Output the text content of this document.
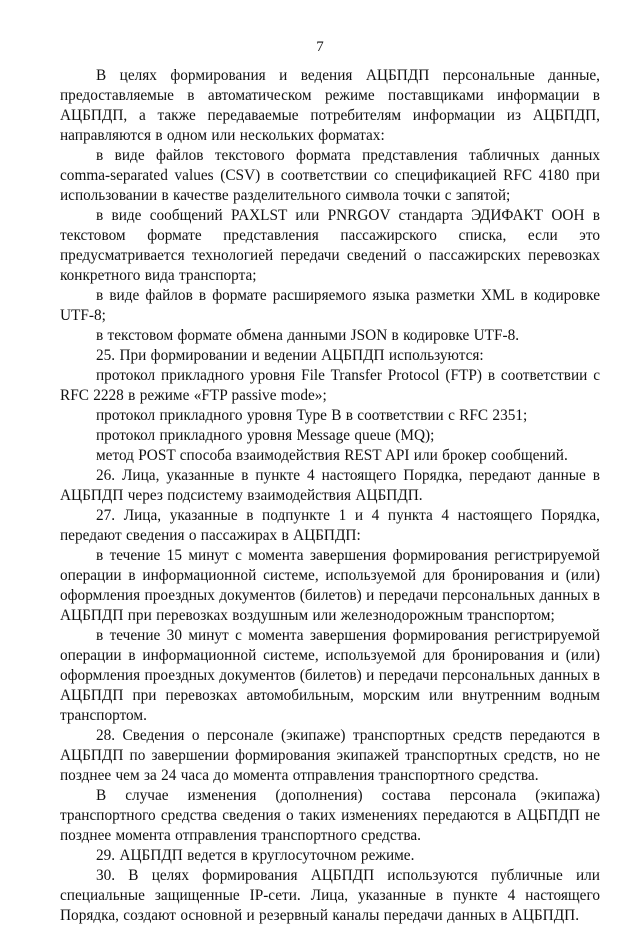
7

В целях формирования и ведения АЦБПДП персональные данные, предоставляемые в автоматическом режиме поставщиками информации в АЦБПДП, а также передаваемые потребителям информации из АЦБПДП, направляются в одном или нескольких форматах:

в виде файлов текстового формата представления табличных данных comma-separated values (CSV) в соответствии со спецификацией RFC 4180 при использовании в качестве разделительного символа точки с запятой;

в виде сообщений PAXLST или PNRGOV стандарта ЭДИФАКТ ООН в текстовом формате представления пассажирского списка, если это предусматривается технологией передачи сведений о пассажирских перевозках конкретного вида транспорта;

в виде файлов в формате расширяемого языка разметки XML в кодировке UTF-8;

в текстовом формате обмена данными JSON в кодировке UTF-8.

25. При формировании и ведении АЦБПДП используются:

протокол прикладного уровня File Transfer Protocol (FTP) в соответствии с RFC 2228 в режиме «FTP passive mode»;

протокол прикладного уровня Type B в соответствии с RFC 2351;

протокол прикладного уровня Message queue (MQ);

метод POST способа взаимодействия REST API или брокер сообщений.

26. Лица, указанные в пункте 4 настоящего Порядка, передают данные в АЦБПДП через подсистему взаимодействия АЦБПДП.

27. Лица, указанные в подпункте 1 и 4 пункта 4 настоящего Порядка, передают сведения о пассажирах в АЦБПДП:

в течение 15 минут с момента завершения формирования регистрируемой операции в информационной системе, используемой для бронирования и (или) оформления проездных документов (билетов) и передачи персональных данных в АЦБПДП при перевозках воздушным или железнодорожным транспортом;

в течение 30 минут с момента завершения формирования регистрируемой операции в информационной системе, используемой для бронирования и (или) оформления проездных документов (билетов) и передачи персональных данных в АЦБПДП при перевозках автомобильным, морским или внутренним водным транспортом.

28. Сведения о персонале (экипаже) транспортных средств передаются в АЦБПДП по завершении формирования экипажей транспортных средств, но не позднее чем за 24 часа до момента отправления транспортного средства.

В случае изменения (дополнения) состава персонала (экипажа) транспортного средства сведения о таких изменениях передаются в АЦБПДП не позднее момента отправления транспортного средства.

29. АЦБПДП ведется в круглосуточном режиме.

30. В целях формирования АЦБПДП используются публичные или специальные защищенные IP-сети. Лица, указанные в пункте 4 настоящего Порядка, создают основной и резервный каналы передачи данных в АЦБПДП.
